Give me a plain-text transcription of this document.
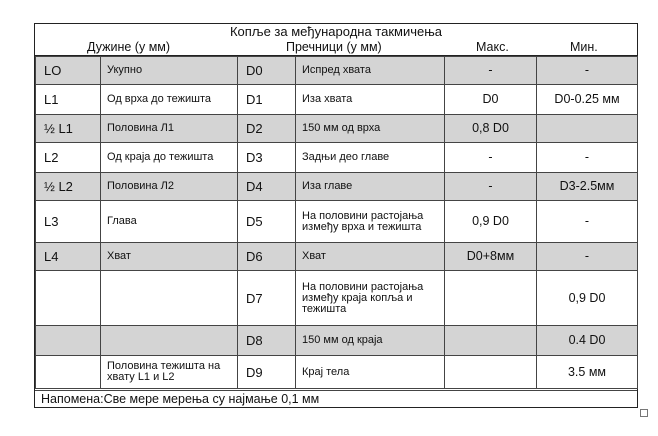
Копље за међународна такмичења
Дужине (у мм)	Пречници (у мм)	Макс.	Мин.
LO	Укупно	D0	Испред хвата	-	-
L1	Од врха до тежишта	D1	Иза хвата	D0	D0-0.25 мм
½ L1	Половина Л1	D2	150 мм од врха	0,8 D0	
L2	Од краја до тежишта	D3	Задњи део главе	-	-
½ L2	Половина Л2	D4	Иза главе	-	D3-2.5мм
L3	Глава	D5	На половини растојања између врха и тежишта	0,9 D0	-
L4	Хват	D6	Хват	D0+8мм	-
		D7	На половини растојања између краја копља и тежишта		0,9 D0
		D8	150 мм од краја		0.4 D0
	Половина тежишта на хвату L1 и L2	D9	Крај тела		3.5 мм
Напомена:Све мере мерења су најмање 0,1 мм
